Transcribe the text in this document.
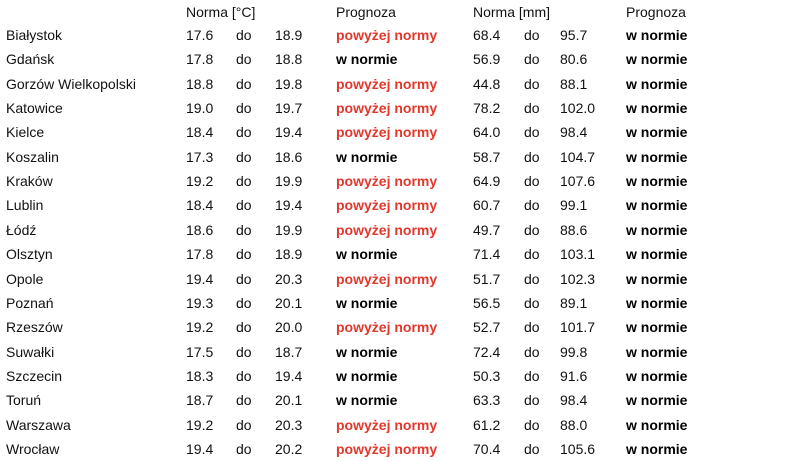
Norma [°C]	Prognoza	Norma [mm]	Prognoza
Białystok	17.6 do 18.9 powyżej normy	68.4 do 95.7	w normie
Gdańsk	17.8 do 18.8 w normie	56.9 do 80.6	w normie
Gorzów Wielkopolski	18.8 do 19.8 powyżej normy	44.8 do 88.1	w normie
Katowice	19.0 do 19.7 powyżej normy	78.2 do 102.0 w normie
Kielce	18.4 do 19.4 powyżej normy	64.0 do 98.4	w normie
Koszalin	17.3 do 18.6 w normie	58.7 do 104.7 w normie
Kraków	19.2 do 19.9 powyżej normy	64.9 do 107.6 w normie
Lublin	18.4 do 19.4 powyżej normy	60.7 do 99.1	w normie
Łódź	18.6 do 19.9 powyżej normy	49.7 do 88.6	w normie
Olsztyn	17.8 do 18.9 w normie	71.4 do 103.1 w normie
Opole	19.4 do 20.3 powyżej normy	51.7 do 102.3 w normie
Poznań	19.3 do 20.1 w normie	56.5 do 89.1	w normie
Rzeszów	19.2 do 20.0 powyżej normy	52.7 do 101.7 w normie
Suwałki	17.5 do 18.7 w normie	72.4 do 99.8	w normie
Szczecin	18.3 do 19.4 w normie	50.3 do 91.6	w normie
Toruń	18.7 do 20.1 w normie	63.3 do 98.4	w normie
Warszawa	19.2 do 20.3 powyżej normy	61.2 do 88.0	w normie
Wrocław	19.4 do 20.2 powyżej normy	70.4 do 105.6 w normie
